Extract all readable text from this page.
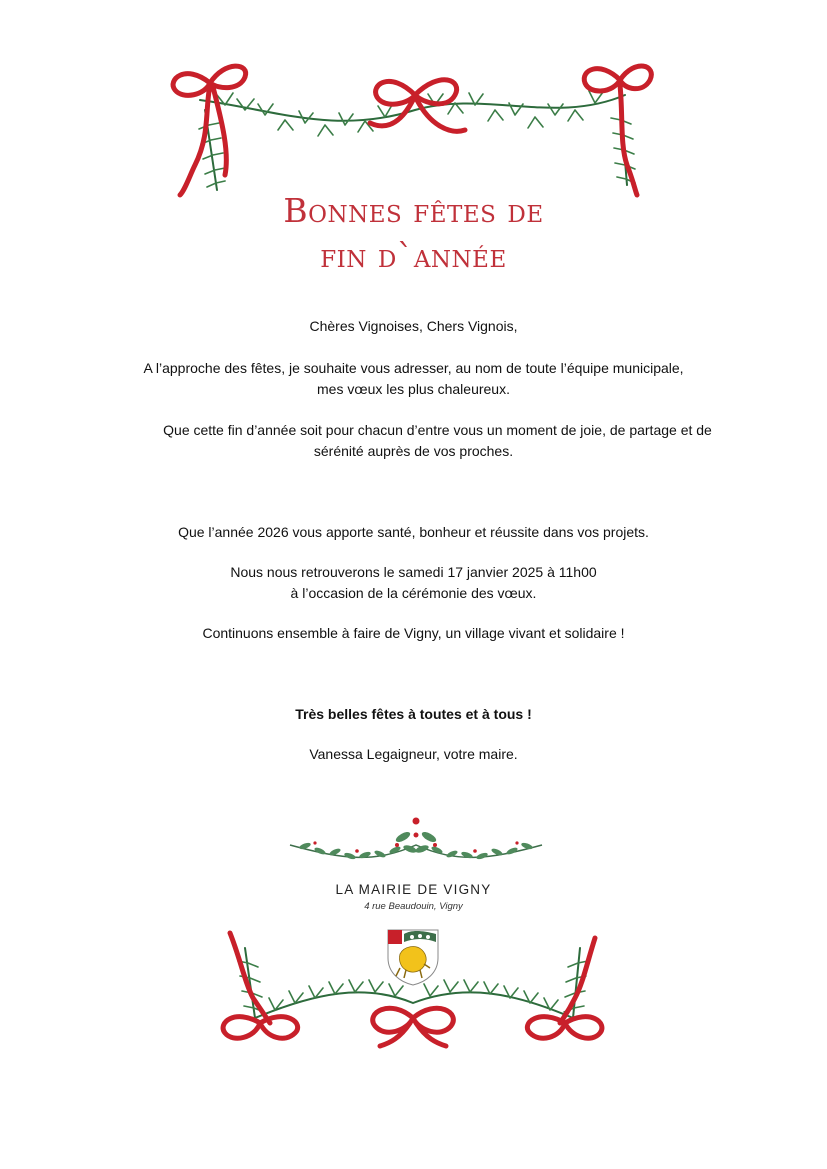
Bonnes fêtes de
fin d`année

Chères Vignoises, Chers Vignois,

A l’approche des fêtes, je souhaite vous adresser, au nom de toute l’équipe municipale,

mes vœux les plus chaleureux.

Que cette fin d’année soit pour chacun d’entre vous un moment de joie, de partage et de

sérénité auprès de vos proches.

Que l’année 2026 vous apporte santé, bonheur et réussite dans vos projets.

Nous nous retrouverons le samedi 17 janvier 2025 à 11h00

à l’occasion de la cérémonie des vœux.

Continuons ensemble à faire de Vigny, un village vivant et solidaire !

Très belles fêtes à toutes et à tous !

Vanessa Legaigneur, votre maire.

LA MAIRIE DE VIGNY
4 rue Beaudouin, Vigny
